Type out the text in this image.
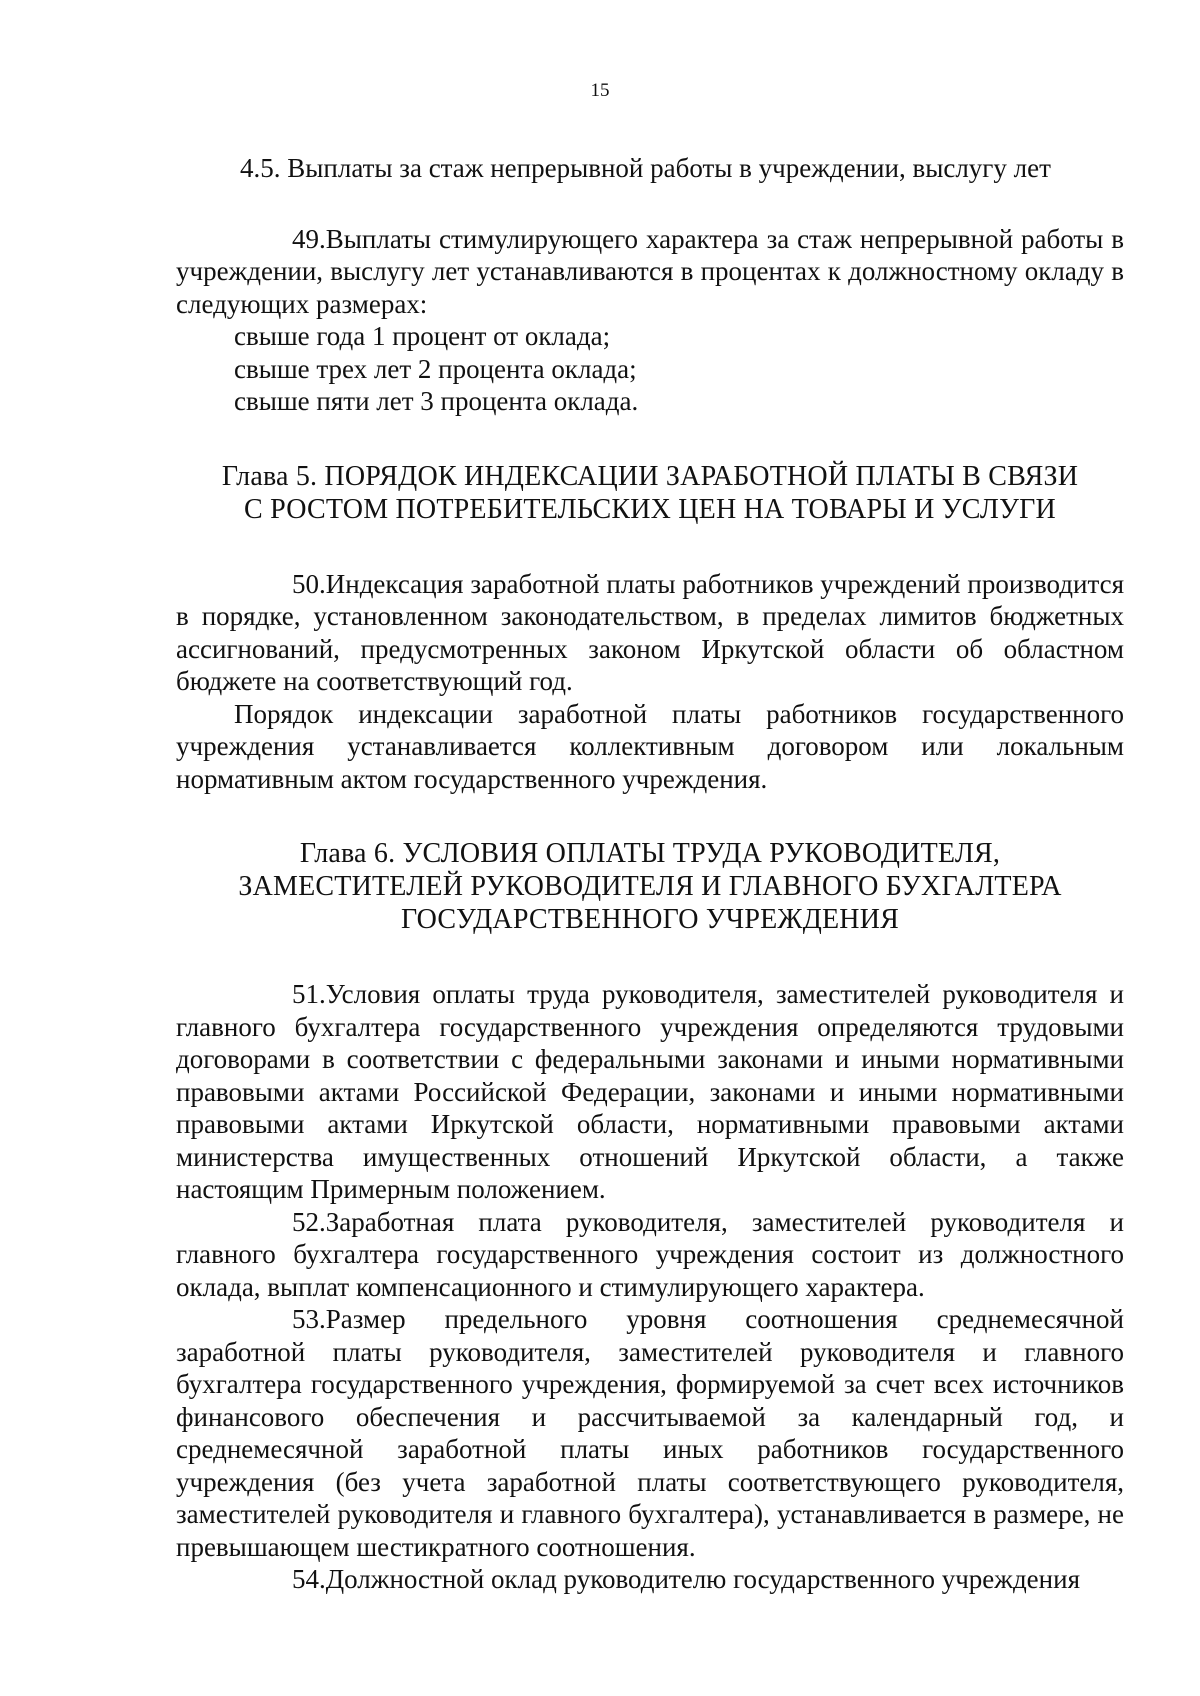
15
4.5. Выплаты за стаж непрерывной работы в учреждении, выслугу лет

49.Выплаты стимулирующего характера за стаж непрерывной работы в учреждении, выслугу лет устанавливаются в процентах к должностному окладу в следующих размерах:

свыше года 1 процент от оклада;
свыше трех лет 2 процента оклада;
свыше пяти лет 3 процента оклада.
Глава 5. ПОРЯДОК ИНДЕКСАЦИИ ЗАРАБОТНОЙ ПЛАТЫ В СВЯЗИ
С РОСТОМ ПОТРЕБИТЕЛЬСКИХ ЦЕН НА ТОВАРЫ И УСЛУГИ

50.Индексация заработной платы работников учреждений производится в порядке, установленном законодательством, в пределах лимитов бюджетных ассигнований, предусмотренных законом Иркутской области об областном бюджете на соответствующий год.

Порядок индексации заработной платы работников государственного учреждения устанавливается коллективным договором или локальным нормативным актом государственного учреждения.

Глава 6. УСЛОВИЯ ОПЛАТЫ ТРУДА РУКОВОДИТЕЛЯ,
ЗАМЕСТИТЕЛЕЙ РУКОВОДИТЕЛЯ И ГЛАВНОГО БУХГАЛТЕРА
ГОСУДАРСТВЕННОГО УЧРЕЖДЕНИЯ

51.Условия оплаты труда руководителя, заместителей руководителя и главного бухгалтера государственного учреждения определяются трудовыми договорами в соответствии с федеральными законами и иными нормативными правовыми актами Российской Федерации, законами и иными нормативными правовыми актами Иркутской области, нормативными правовыми актами министерства имущественных отношений Иркутской области, а также настоящим Примерным положением.

52.Заработная плата руководителя, заместителей руководителя и главного бухгалтера государственного учреждения состоит из должностного оклада, выплат компенсационного и стимулирующего характера.

53.Размер предельного уровня соотношения среднемесячной заработной платы руководителя, заместителей руководителя и главного бухгалтера государственного учреждения, формируемой за счет всех источников финансового обеспечения и рассчитываемой за календарный год, и среднемесячной заработной платы иных работников государственного учреждения (без учета заработной платы соответствующего руководителя, заместителей руководителя и главного бухгалтера), устанавливается в размере, не превышающем шестикратного соотношения.

54.Должностной оклад руководителю государственного учреждения
